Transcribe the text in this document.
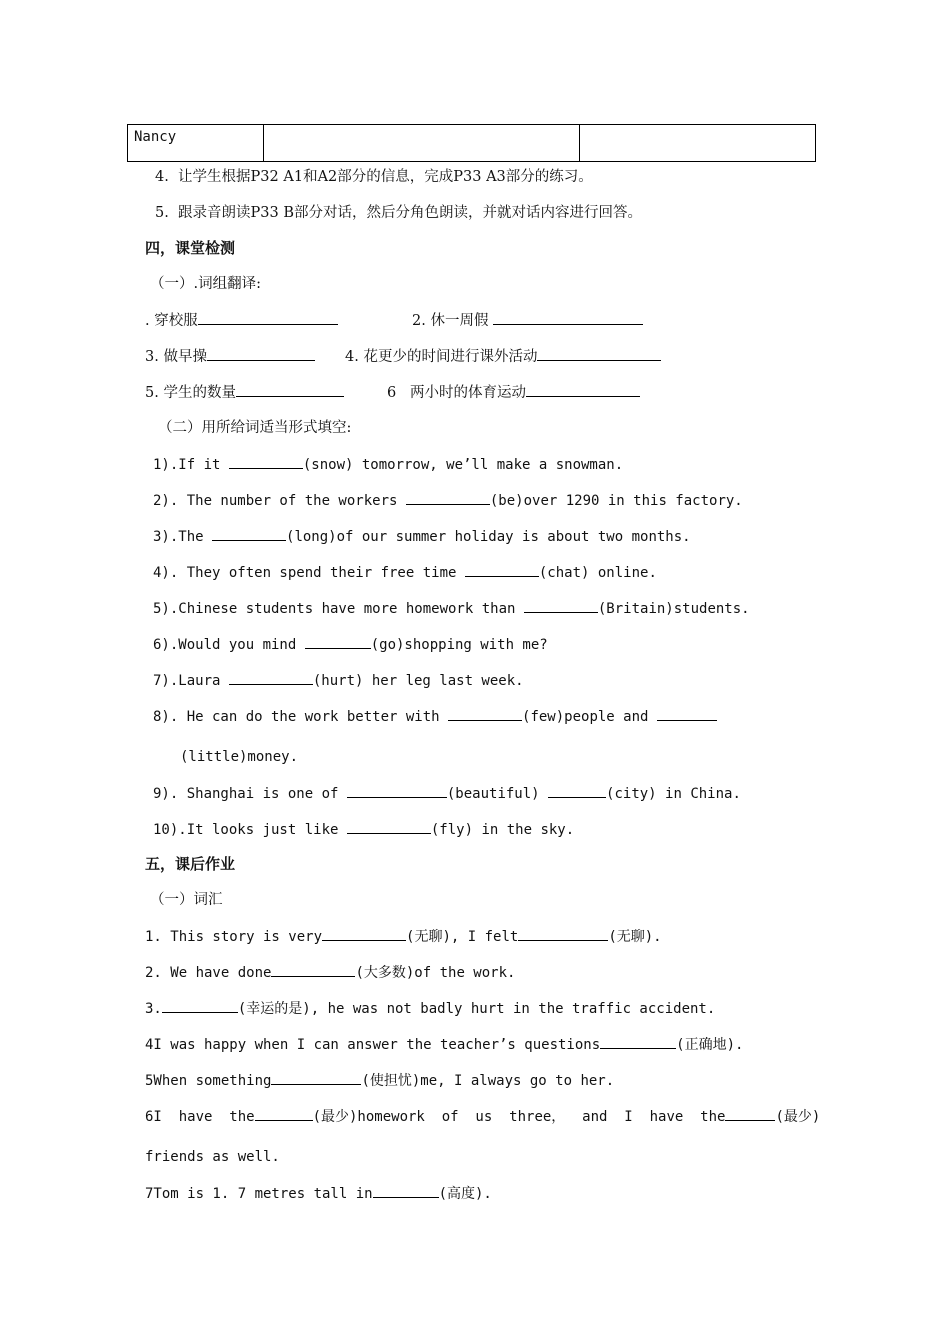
Nancy		
4.  让学生根据P32 A1和A2部分的信息，完成P33 A3部分的练习。
5.  跟录音朗读P33 B部分对话，然后分角色朗读，并就对话内容进行回答。
四，课堂检测
（一）.词组翻译:
. 穿校服	2. 休一周假
3. 做早操	4. 花更少的时间进行课外活动
5. 学生的数量	6   两小时的体育运动
（二）用所给词适当形式填空:
1).If it	(snow) tomorrow, we’ll make a snowman.
2). The number of the workers	(be)over 1290 in this factory.
3).The	(long)of our summer holiday is about two months.
4). They often spend their free time	(chat) online.
5).Chinese students have more homework than	(Britain)students.
6).Would you mind	(go)shopping with me?
7).Laura	(hurt) her leg last week.
8). He can do the work better with	(few)people and
(little)money.
9). Shanghai is one of	(beautiful)	(city) in China.
10).It looks just like	(fly) in the sky.
五，课后作业
（一）词汇
1. This story is very	(无聊), I felt	(无聊).
2. We have done	(大多数)of the work.
3.	(幸运的是), he was not badly hurt in the traffic accident.
4I was happy when I can answer the teacher’s questions	(正确地).
5When something	(使担忧)me, I always go to her.
6I  have  the	(最少)homework  of  us  three，  and  I  have  the	(最少)
friends as well.
7Tom is 1. 7 metres tall in	(高度).
